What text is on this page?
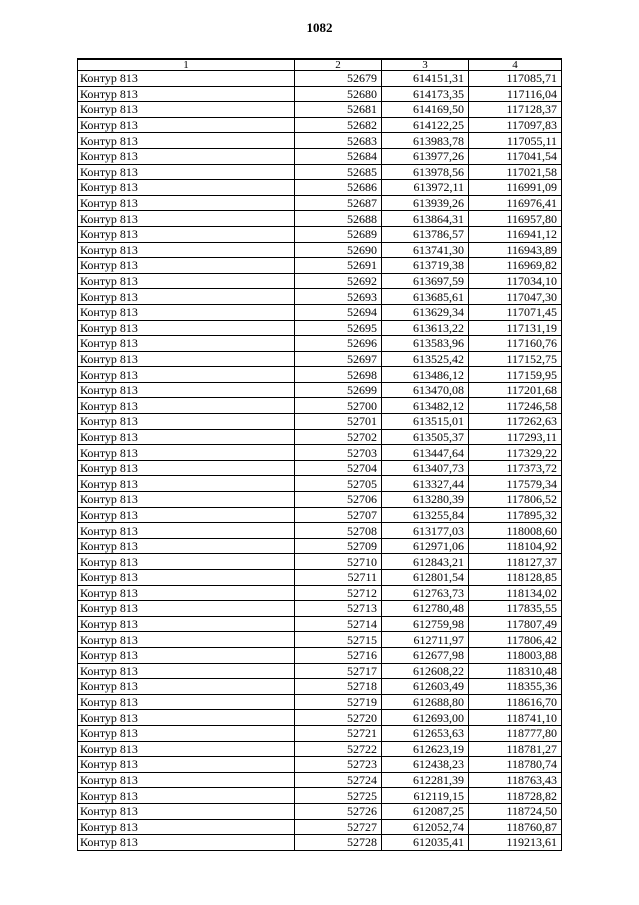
1082
1	2	3	4
Контур 813	52679	614151,31	117085,71
Контур 813	52680	614173,35	117116,04
Контур 813	52681	614169,50	117128,37
Контур 813	52682	614122,25	117097,83
Контур 813	52683	613983,78	117055,11
Контур 813	52684	613977,26	117041,54
Контур 813	52685	613978,56	117021,58
Контур 813	52686	613972,11	116991,09
Контур 813	52687	613939,26	116976,41
Контур 813	52688	613864,31	116957,80
Контур 813	52689	613786,57	116941,12
Контур 813	52690	613741,30	116943,89
Контур 813	52691	613719,38	116969,82
Контур 813	52692	613697,59	117034,10
Контур 813	52693	613685,61	117047,30
Контур 813	52694	613629,34	117071,45
Контур 813	52695	613613,22	117131,19
Контур 813	52696	613583,96	117160,76
Контур 813	52697	613525,42	117152,75
Контур 813	52698	613486,12	117159,95
Контур 813	52699	613470,08	117201,68
Контур 813	52700	613482,12	117246,58
Контур 813	52701	613515,01	117262,63
Контур 813	52702	613505,37	117293,11
Контур 813	52703	613447,64	117329,22
Контур 813	52704	613407,73	117373,72
Контур 813	52705	613327,44	117579,34
Контур 813	52706	613280,39	117806,52
Контур 813	52707	613255,84	117895,32
Контур 813	52708	613177,03	118008,60
Контур 813	52709	612971,06	118104,92
Контур 813	52710	612843,21	118127,37
Контур 813	52711	612801,54	118128,85
Контур 813	52712	612763,73	118134,02
Контур 813	52713	612780,48	117835,55
Контур 813	52714	612759,98	117807,49
Контур 813	52715	612711,97	117806,42
Контур 813	52716	612677,98	118003,88
Контур 813	52717	612608,22	118310,48
Контур 813	52718	612603,49	118355,36
Контур 813	52719	612688,80	118616,70
Контур 813	52720	612693,00	118741,10
Контур 813	52721	612653,63	118777,80
Контур 813	52722	612623,19	118781,27
Контур 813	52723	612438,23	118780,74
Контур 813	52724	612281,39	118763,43
Контур 813	52725	612119,15	118728,82
Контур 813	52726	612087,25	118724,50
Контур 813	52727	612052,74	118760,87
Контур 813	52728	612035,41	119213,61
